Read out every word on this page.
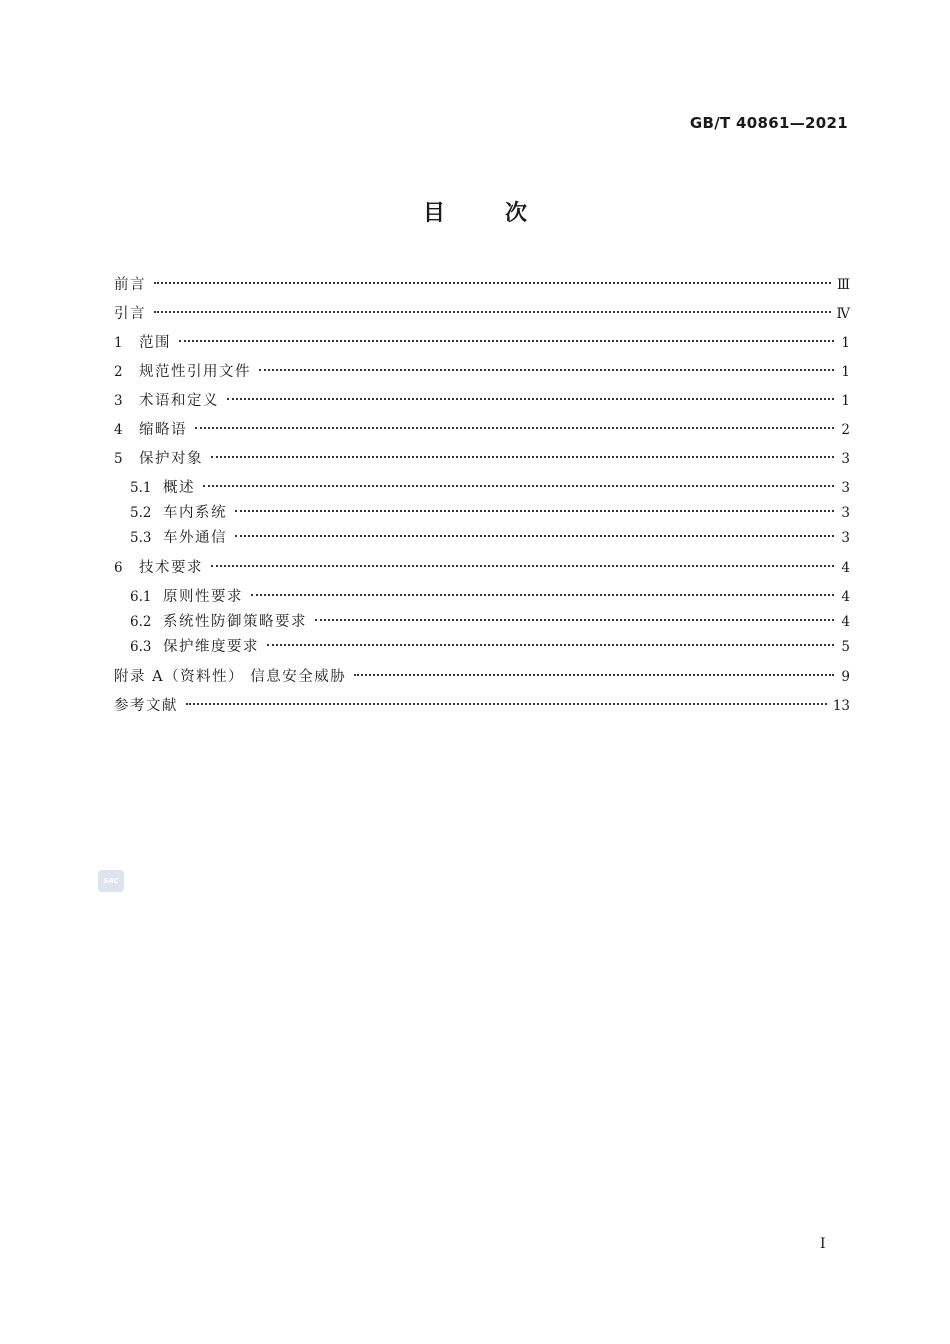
GB/T 40861—2021
目	次
前言	Ⅲ
引言	Ⅳ
1	范围	1
2	规范性引用文件	1
3	术语和定义	1
4	缩略语	2
5	保护对象	3
5.1 概述	3
5.2 车内系统	3
5.3 车外通信	3
6	技术要求	4
6.1 原则性要求	4
6.2 系统性防御策略要求	4
6.3 保护维度要求	5
附录 A（资料性） 信息安全威胁	9
参考文献	13
SAC
I
